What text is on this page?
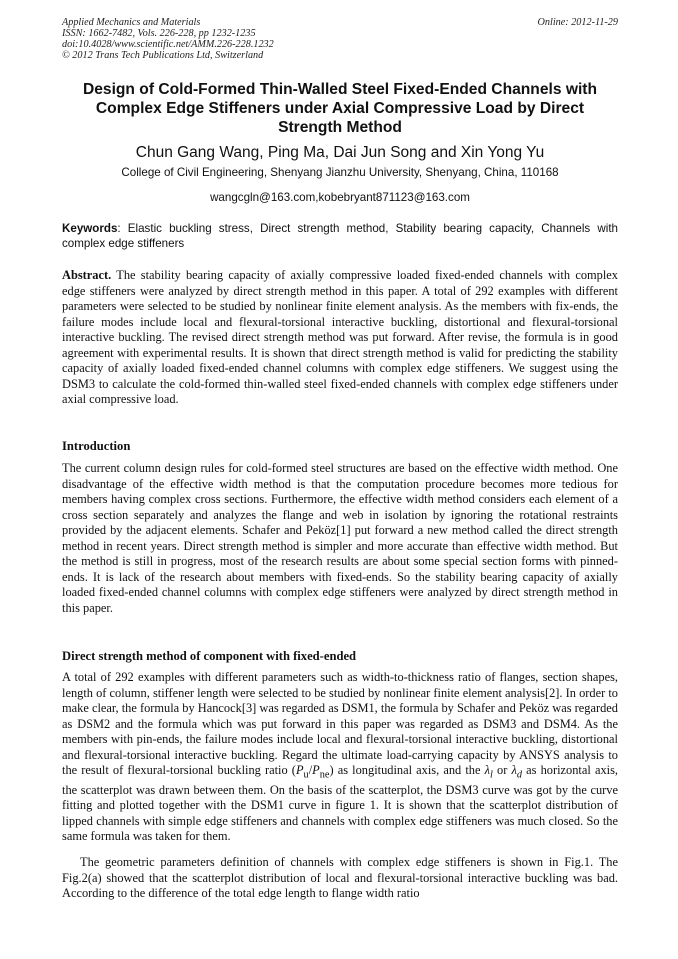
Applied Mechanics and Materials	Online: 2012-11-29
ISSN: 1662-7482, Vols. 226-228, pp 1232-1235
doi:10.4028/www.scientific.net/AMM.226-228.1232
© 2012 Trans Tech Publications Ltd, Switzerland
Design of Cold-Formed Thin-Walled Steel Fixed-Ended Channels with Complex Edge Stiffeners under Axial Compressive Load by Direct Strength Method
Chun Gang Wang, Ping Ma, Dai Jun Song and Xin Yong Yu
College of Civil Engineering, Shenyang Jianzhu University, Shenyang, China, 110168
wangcgln@163.com,kobebryant871123@163.com
Keywords: Elastic buckling stress, Direct strength method, Stability bearing capacity, Channels with complex edge stiffeners
Abstract. The stability bearing capacity of axially compressive loaded fixed-ended channels with complex edge stiffeners were analyzed by direct strength method in this paper. A total of 292 examples with different parameters were selected to be studied by nonlinear finite element analysis. As the members with fix-ends, the failure modes include local and flexural-torsional interactive buckling, distortional and flexural-torsional interactive buckling. The revised direct strength method was put forward. After revise, the formula is in good agreement with experimental results. It is shown that direct strength method is valid for predicting the stability capacity of axially loaded fixed-ended channel columns with complex edge stiffeners. We suggest using the DSM3 to calculate the cold-formed thin-walled steel fixed-ended channels with complex edge stiffeners under axial compressive load.
Introduction
The current column design rules for cold-formed steel structures are based on the effective width method. One disadvantage of the effective width method is that the computation procedure becomes more tedious for members having complex cross sections. Furthermore, the effective width method considers each element of a cross section separately and analyzes the flange and web in isolation by ignoring the rotational restraints provided by the adjacent elements. Schafer and Peköz[1] put forward a new method called the direct strength method in recent years. Direct strength method is simpler and more accurate than effective width method. But the method is still in progress, most of the research results are about some special section forms with pinned-ends. It is lack of the research about members with fixed-ends. So the stability bearing capacity of axially loaded fixed-ended channel columns with complex edge stiffeners were analyzed by direct strength method in this paper.
Direct strength method of component with fixed-ended
A total of 292 examples with different parameters such as width-to-thickness ratio of flanges, section shapes, length of column, stiffener length were selected to be studied by nonlinear finite element analysis[2]. In order to make clear, the formula by Hancock[3] was regarded as DSM1, the formula by Schafer and Peköz was regarded as DSM2 and the formula which was put forward in this paper was regarded as DSM3 and DSM4. As the members with pin-ends, the failure modes include local and flexural-torsional interactive buckling, distortional and flexural-torsional interactive buckling. Regard the ultimate load-carrying capacity by ANSYS analysis to the result of flexural-torsional buckling ratio $(P_u/P_{ne})$ as longitudinal axis, and the $\lambda_l$ or $\lambda_d$ as horizontal axis, the scatterplot was drawn between them. On the basis of the scatterplot, the DSM3 curve was got by the curve fitting and plotted together with the DSM1 curve in figure 1. It is shown that the scatterplot distribution of lipped channels with simple edge stiffeners and channels with complex edge stiffeners was much closed. So the same formula was taken for them.
The geometric parameters definition of channels with complex edge stiffeners is shown in Fig.1. The Fig.2(a) showed that the scatterplot distribution of local and flexural-torsional interactive buckling was bad. According to the difference of the total edge length to flange width ratio
